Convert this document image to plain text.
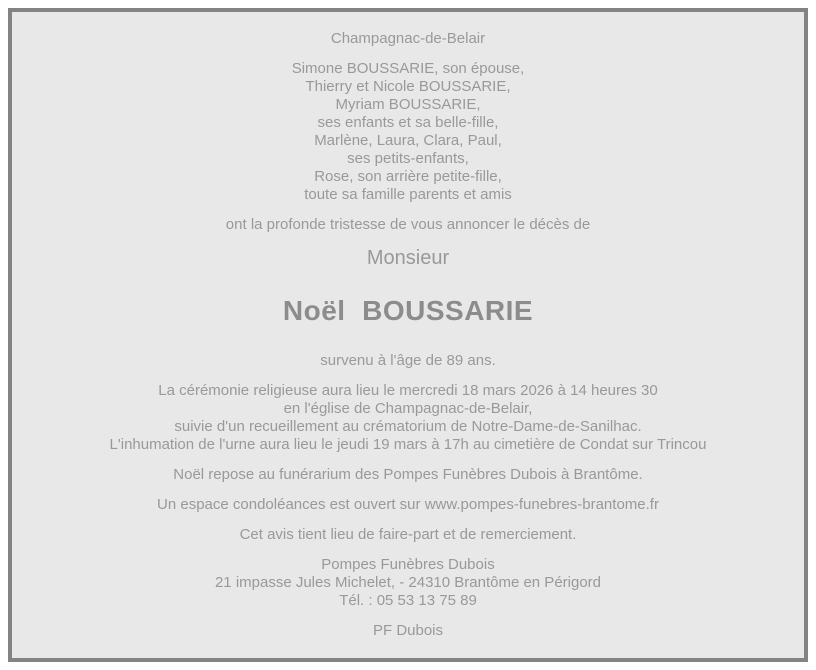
Champagnac-de-Belair

Simone BOUSSARIE, son épouse,
Thierry et Nicole BOUSSARIE,
Myriam BOUSSARIE,
ses enfants et sa belle-fille,
Marlène, Laura, Clara, Paul,
ses petits-enfants,
Rose, son arrière petite-fille,
toute sa famille parents et amis

ont la profonde tristesse de vous annoncer le décès de

Monsieur

Noël  BOUSSARIE

survenu à l'âge de 89 ans.

La cérémonie religieuse aura lieu le mercredi 18 mars 2026 à 14 heures 30
en l'église de Champagnac-de-Belair,
suivie d'un recueillement au crématorium de Notre-Dame-de-Sanilhac.
L'inhumation de l'urne aura lieu le jeudi 19 mars à 17h au cimetière de Condat sur Trincou

Noël repose au funérarium des Pompes Funèbres Dubois à Brantôme.

Un espace condoléances est ouvert sur www.pompes-funebres-brantome.fr

Cet avis tient lieu de faire-part et de remerciement.

Pompes Funèbres Dubois
21 impasse Jules Michelet, - 24310 Brantôme en Périgord
Tél. : 05 53 13 75 89

PF Dubois
